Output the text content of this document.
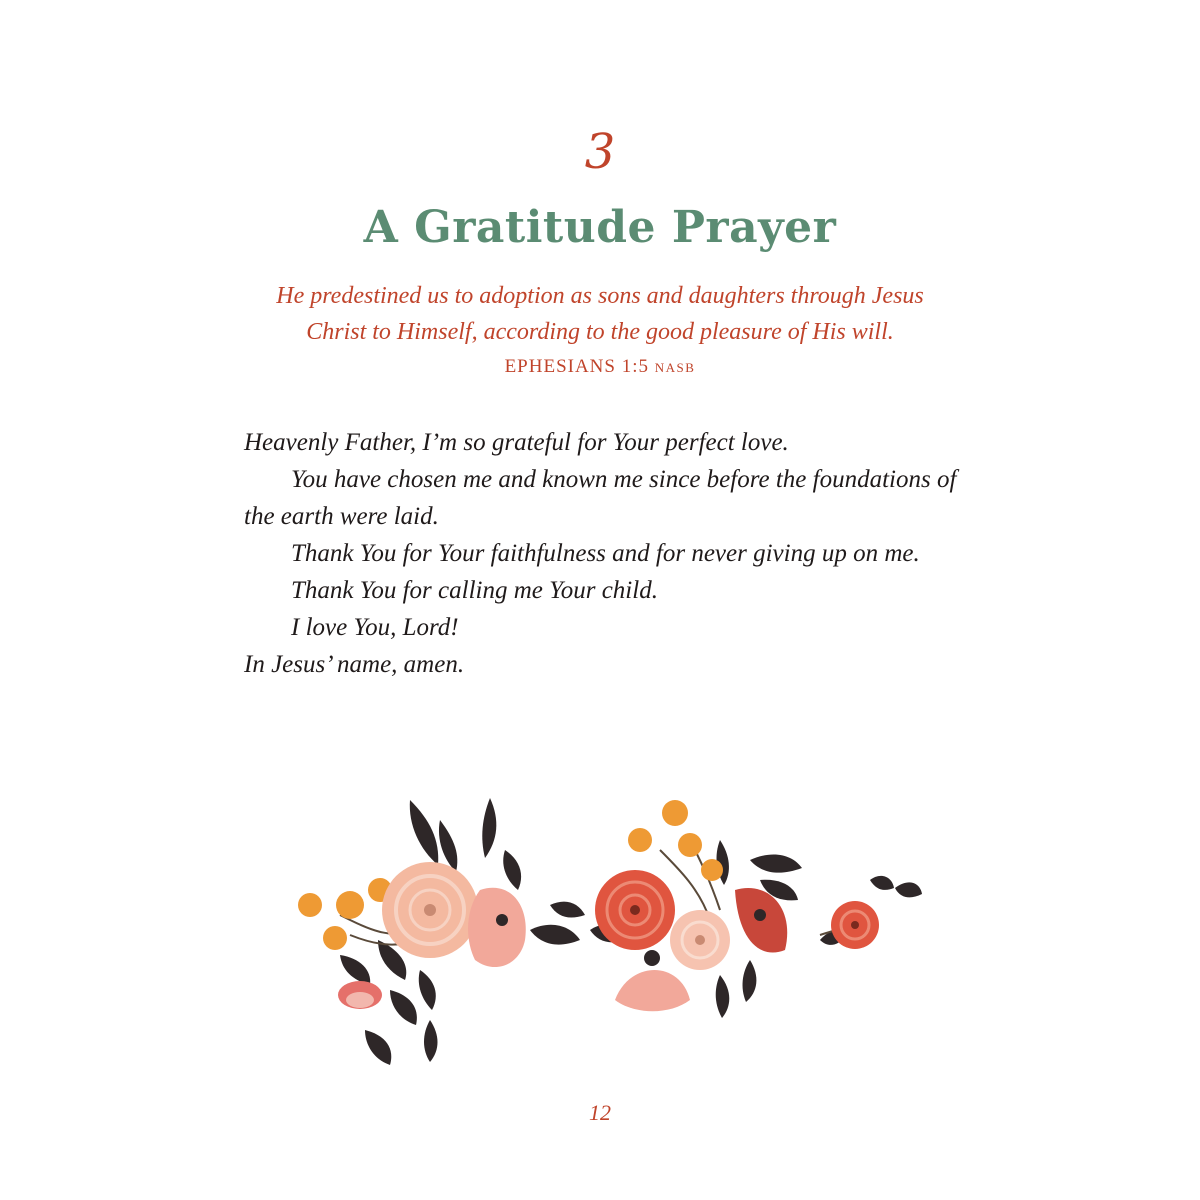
3
A Gratitude Prayer
He predestined us to adoption as sons and daughters through Jesus
Christ to Himself, according to the good pleasure of His will.
EPHESIANS 1:5 NASB

Heavenly Father, I’m so grateful for Your perfect love.

You have chosen me and known me since before the foundations of

the earth were laid.

Thank You for Your faithfulness and for never giving up on me.

Thank You for calling me Your child.

I love You, Lord!

In Jesus’ name, amen.

12
